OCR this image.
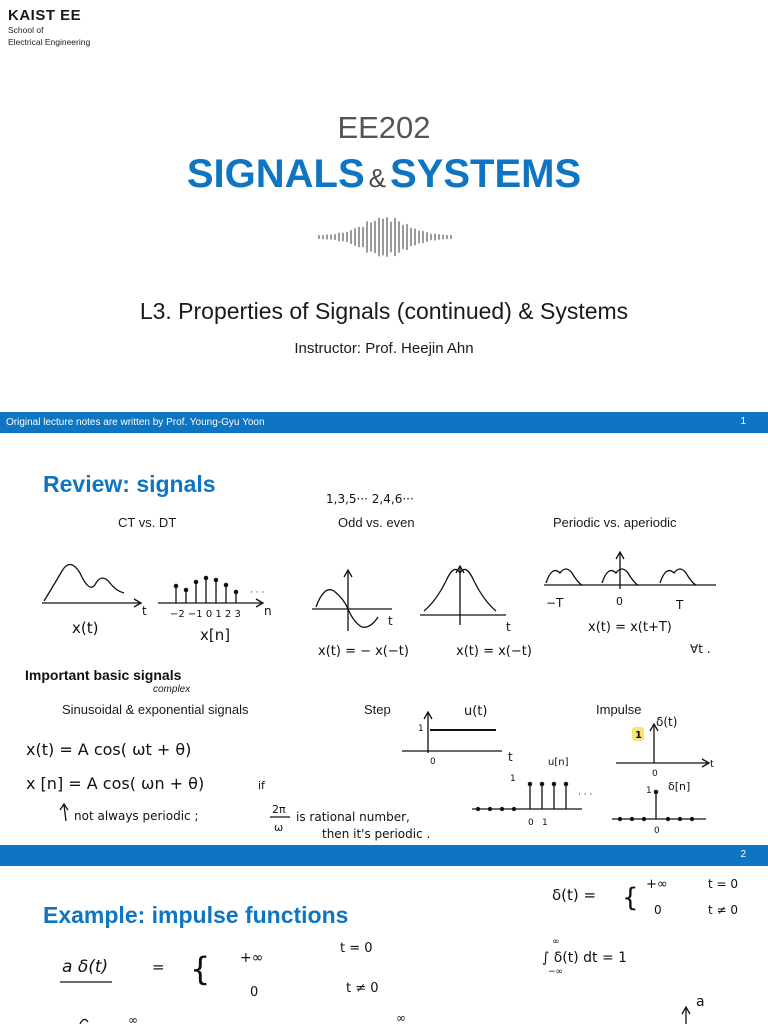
KAIST EE
School of
Electrical Engineering
EE202
SIGNALS & SYSTEMS
L3. Properties of Signals (continued) & Systems
Instructor: Prof. Heejin Ahn
Original lecture notes are written by Prof. Young-Gyu Yoon	1
Review: signals
CT vs. DT	Odd vs. even	Periodic vs. aperiodic
Important basic signals
Sinusoidal & exponential signals
complex
Step	Impulse
1,3,5··· 2,4,6···
t
x(t)
· · ·
−2 −1 0 1 2 3 n
x[n]
t
x(t) = − x(−t)
t
x(t) = x(−t)
−T	0	T
x(t) = x(t+T)
∀t .
x(t) = A cos( ωt + θ)
x [n] = A cos( ωn + θ)
not always periodic ;
if
2π
ω
is rational number,
then it's periodic .
1
0
u(t)
t
1
u[n]
· · ·
0 1
δ(t)
0
t
1 δ[n]
0
1
2
Example: impulse functions
δ(t) = { +∞	t = 0
0	t ≠ 0
∫ δ(t) dt = 1
∞
−∞
a δ(t)	= { +∞
t = 0
0	t ≠ 0
∞	∞
a
